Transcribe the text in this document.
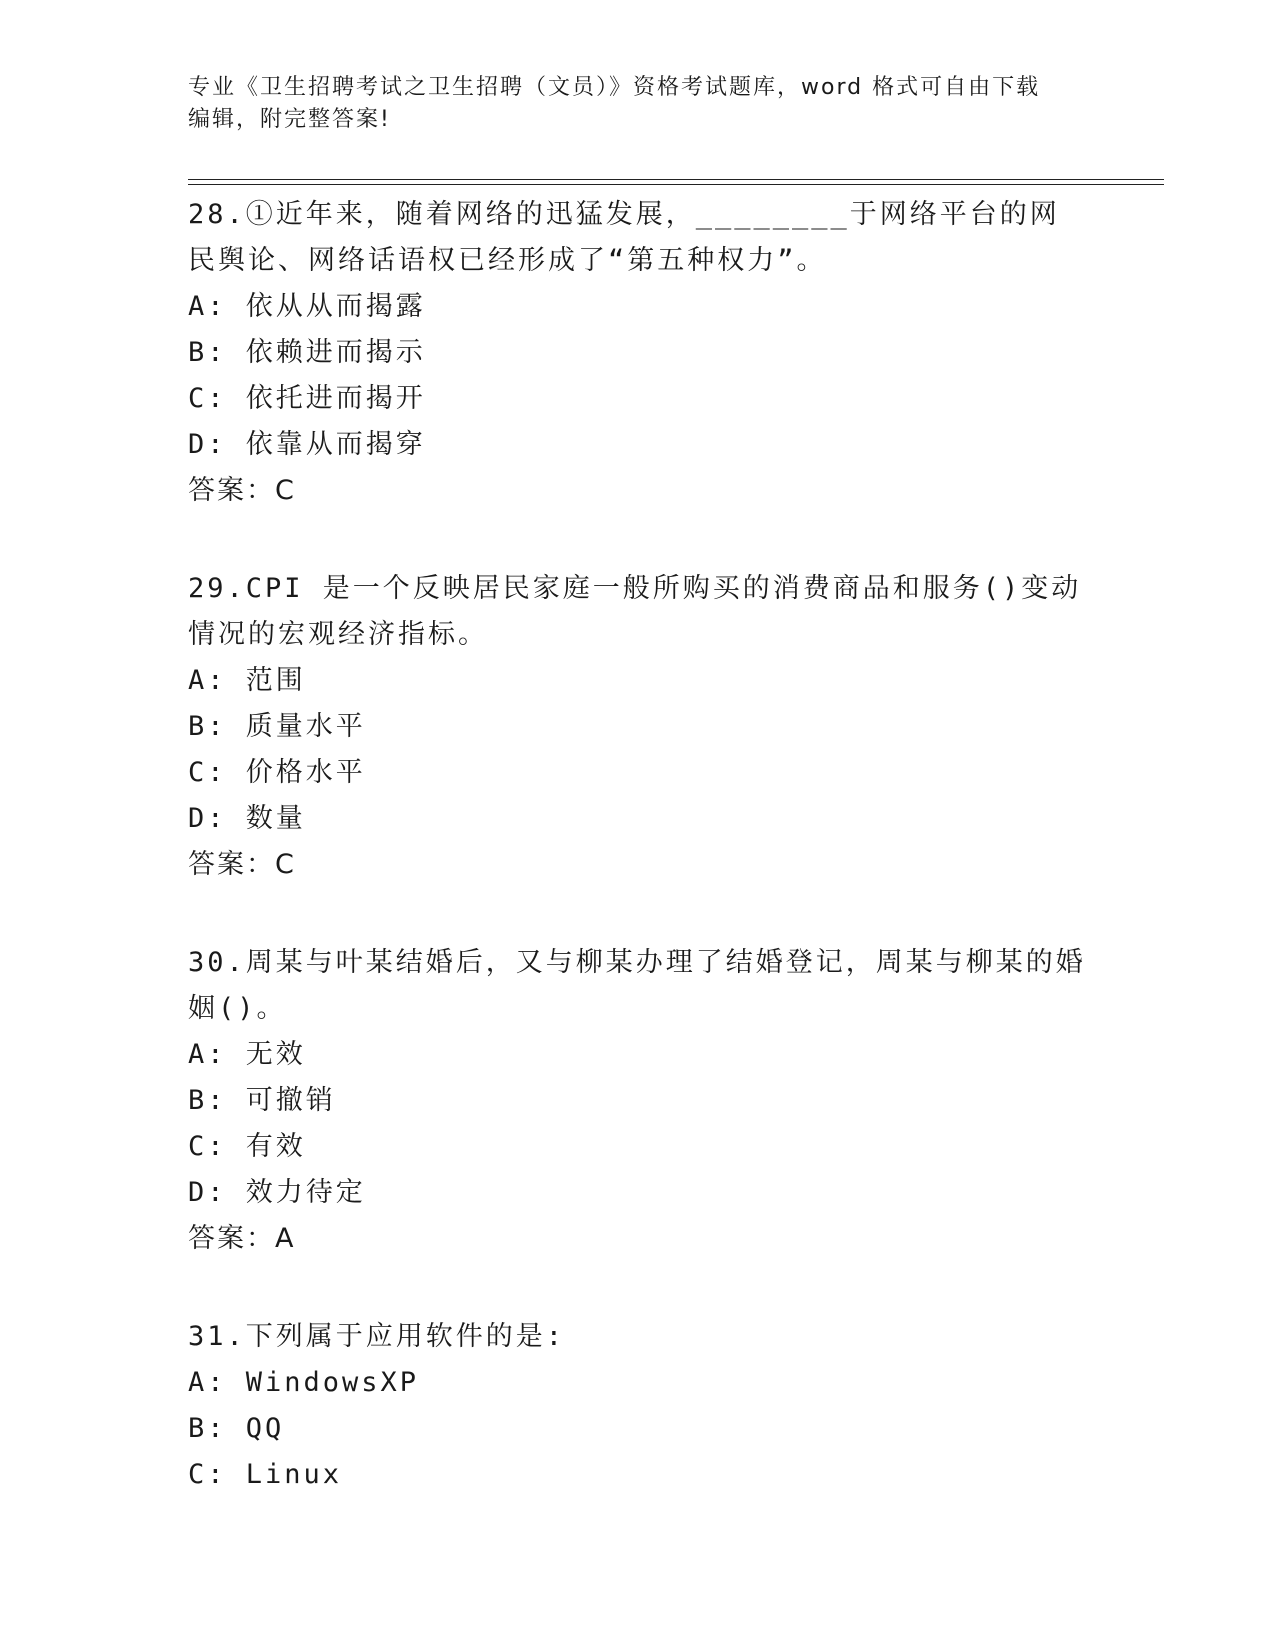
专业《卫生招聘考试之卫生招聘（文员）》资格考试题库，word 格式可自由下载
编辑，附完整答案!
28.①近年来，随着网络的迅猛发展，________于网络平台的网民舆论、网络话语权已经形成了“第五种权力”。
A: 依从从而揭露
B: 依赖进而揭示
C: 依托进而揭开
D: 依靠从而揭穿
答案：C
29.CPI 是一个反映居民家庭一般所购买的消费商品和服务()变动情况的宏观经济指标。
A: 范围
B: 质量水平
C: 价格水平
D: 数量
答案：C
30.周某与叶某结婚后，又与柳某办理了结婚登记，周某与柳某的婚姻()。
A: 无效
B: 可撤销
C: 有效
D: 效力待定
答案：A
31.下列属于应用软件的是:
A: WindowsXP
B: QQ
C: Linux
